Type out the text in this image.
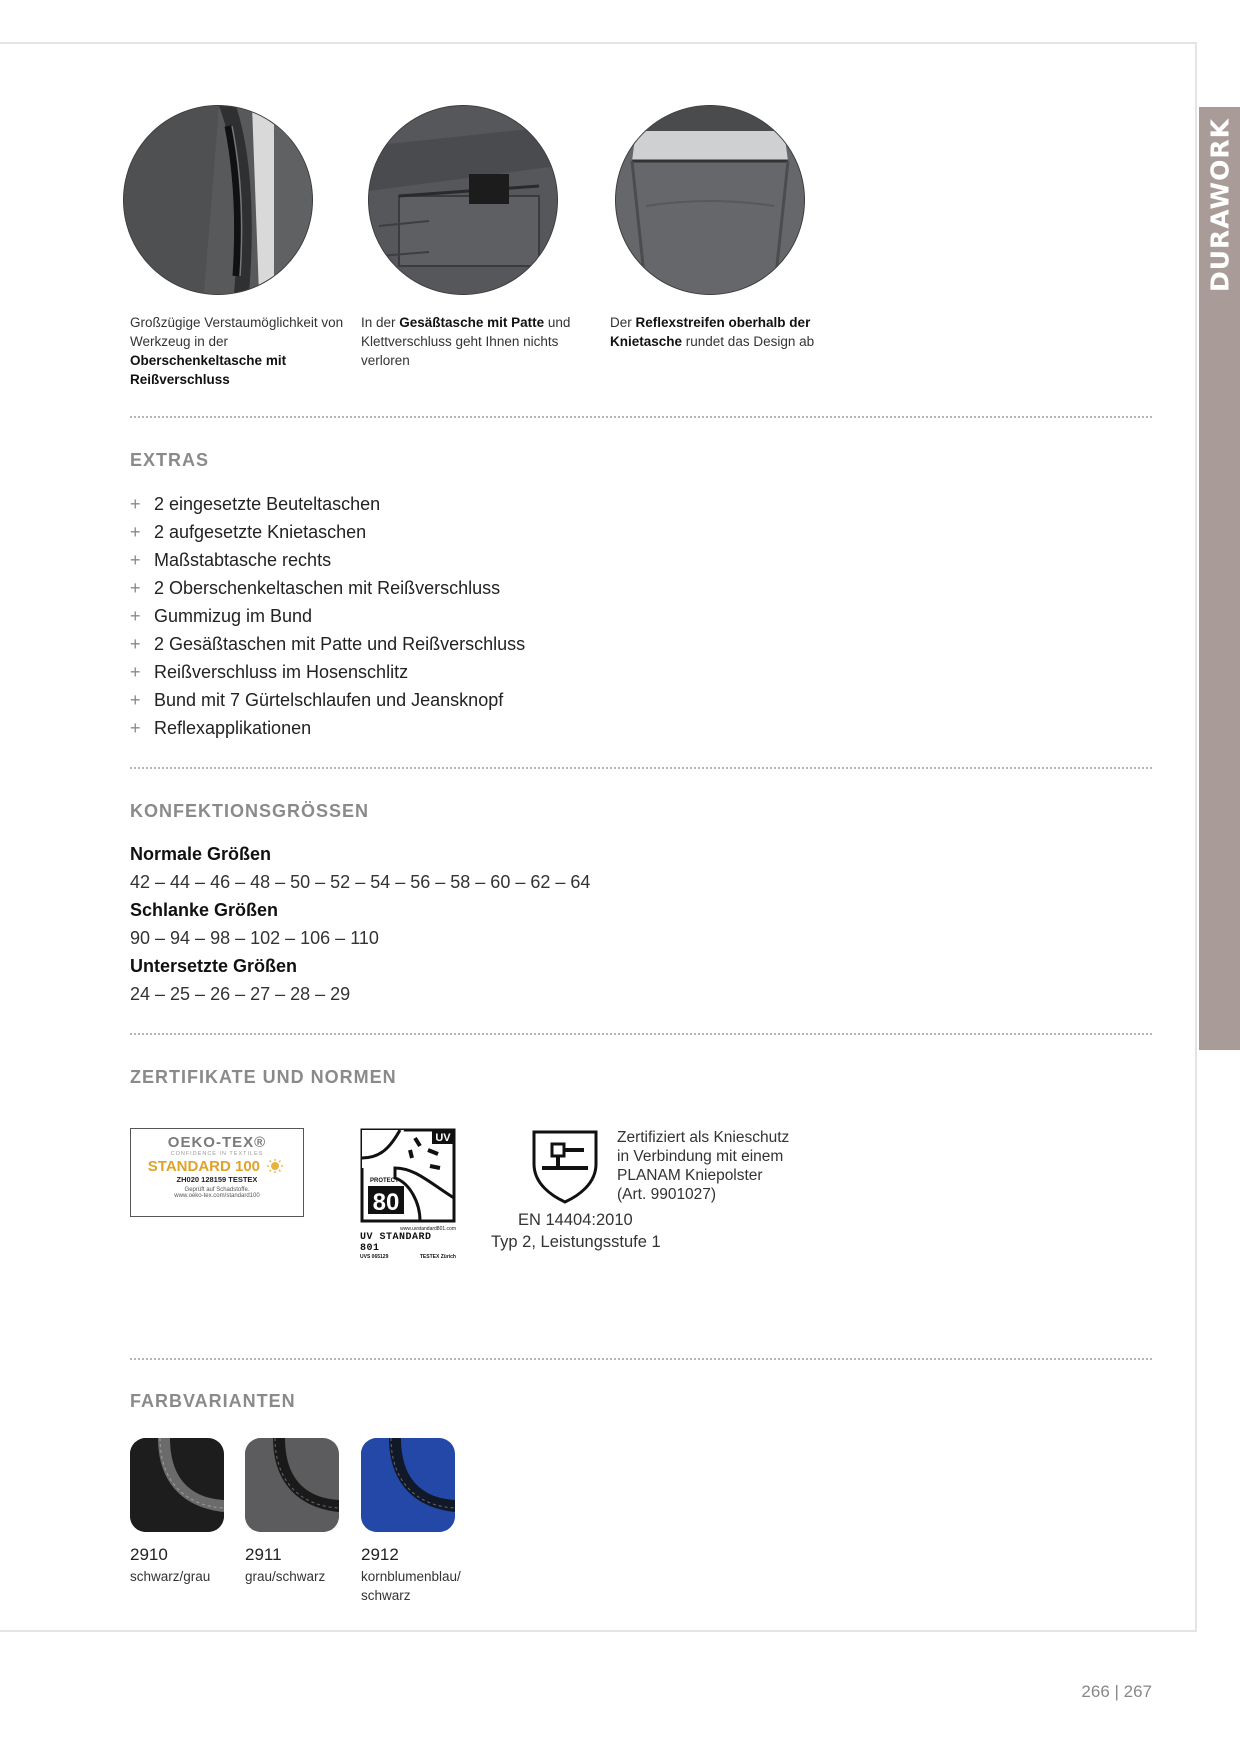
DURAWORK
Großzügige Verstaumöglichkeit von Werkzeug in der Oberschenkeltasche mit Reißverschluss
In der Gesäßtasche mit Patte und Klettverschluss geht Ihnen nichts verloren
Der Reflexstreifen oberhalb der Knietasche rundet das Design ab
EXTRAS
+ 2 eingesetzte Beuteltaschen
+ 2 aufgesetzte Knietaschen
+ Maßstabtasche rechts
+ 2 Oberschenkeltaschen mit Reißverschluss
+ Gummizug im Bund
+ 2 Gesäßtaschen mit Patte und Reißverschluss
+ Reißverschluss im Hosenschlitz
+ Bund mit 7 Gürtelschlaufen und Jeansknopf
+ Reflexapplikationen
KONFEKTIONSGRÖSSEN
Normale Größen
42 – 44 – 46 – 48 – 50 – 52 – 54 – 56 – 58 – 60 – 62 – 64
Schlanke Größen
90 – 94 – 98 – 102 – 106 – 110
Untersetzte Größen
24 – 25 – 26 – 27 – 28 – 29
ZERTIFIKATE UND NORMEN
OEKO-TEX®
CONFIDENCE IN TEXTILES
STANDARD 100
ZH020 128159 TESTEX
Geprüft auf Schadstoffe.
www.oeko-tex.com/standard100
UV
PROTECT
80
www.uvstandard801.com
UV STANDARD 801
UVS 065129	TESTEX Zürich
Zertifiziert als Knieschutz
in Verbindung mit einem
PLANAM Kniepolster
(Art. 9901027)
EN 14404:2010
Typ 2, Leistungsstufe 1
FARBVARIANTEN
2910
schwarz/grau
2911
grau/schwarz
2912
kornblumenblau/ schwarz
266 | 267
